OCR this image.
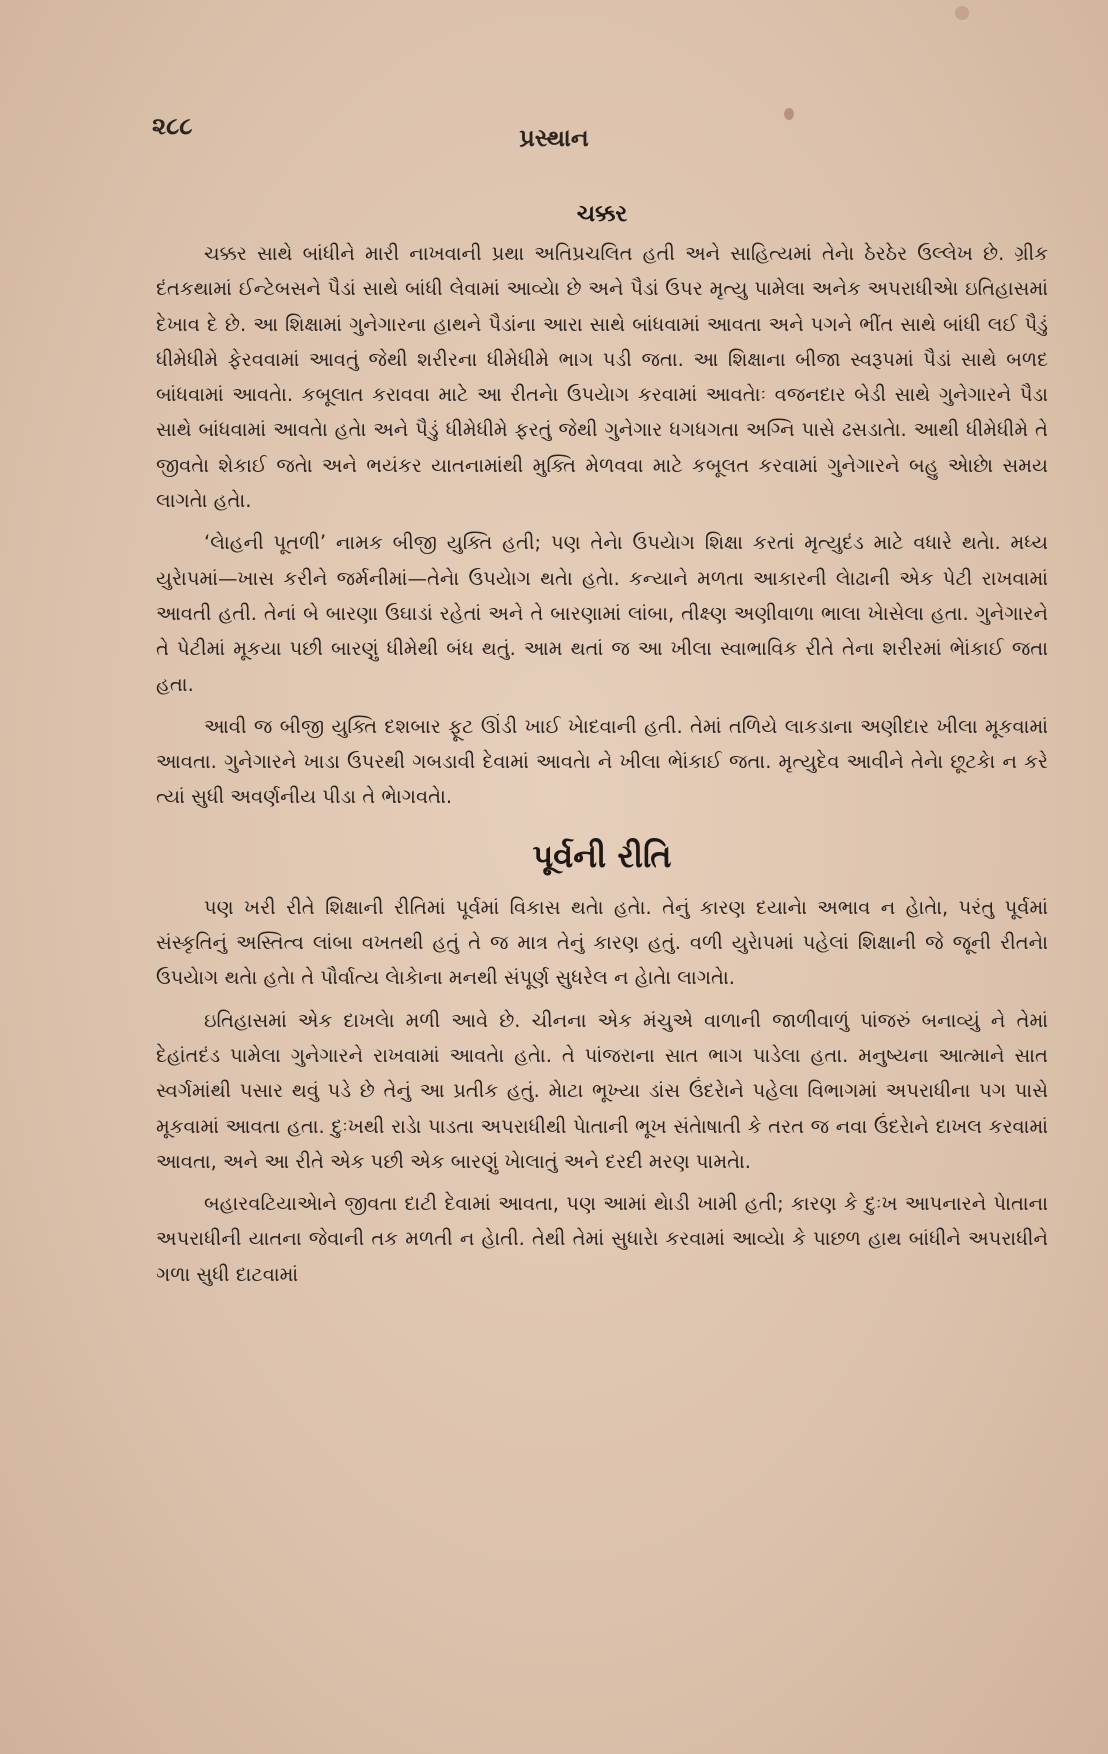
૨૮૮	પ્રસ્થાન
ચક્કર

ચક્કર સાથે બાંધીને મારી નાખવાની પ્રથા અતિપ્રચલિત હતી અને સાહિત્યમાં તેનેા ઠેરઠેર ઉલ્લેખ છે. ગ્રીક દંતકથામાં ઈન્ટેબસને પૈડાં સાથે બાંધી લેવામાં આવ્યેા છે અને પૈડાં ઉપર મૃત્યુ પામેલા અનેક અપરાધીએા ઇતિહાસમાં દેખાવ દે છે. આ શિક્ષામાં ગુનેગારના હાથને પૈડાંના આરા સાથે બાંધવામાં આવતા અને પગને ભીંત સાથે બાંધી લઈ પૈડું ધીમેધીમે ફેરવવામાં આવતું જેથી શરીરના ધીમેધીમે ભાગ પડી જતા. આ શિક્ષાના બીજા સ્વરૂપમાં પૈડાં સાથે બળદ બાંધવામાં આવતેા. કબૂલાત કરાવવા માટે આ રીતનેા ઉપયેાગ કરવામાં આવતેાઃ વજનદાર બેડી સાથે ગુનેગારને પૈડા સાથે બાંધવામાં આવતેા હતેા અને પૈડું ધીમેધીમે ફરતું જેથી ગુનેગાર ધગધગતા અગ્નિ પાસે ઢસડાતેા. આથી ધીમેધીમે તે જીવતેા શેકાઈ જતેા અને ભયંકર યાતનામાંથી મુક્તિ મેળવવા માટે કબૂલત કરવામાં ગુનેગારને બહુ એાછેા સમય લાગતેા હતેા.

‘લેાહની પૂતળી’ નામક બીજી યુક્તિ હતી; પણ તેનેા ઉપયેાગ શિક્ષા કરતાં મૃત્યુદંડ માટે વધારે થતેા. મધ્ય યુરેાપમાં—ખાસ કરીને જર્મનીમાં—તેનેા ઉપયેાગ થતેા હતેા. કન્યાને મળતા આકારની લેાઢાની એક પેટી રાખવામાં આવતી હતી. તેનાં બે બારણા ઉઘાડાં રહેતાં અને તે બારણામાં લાંબા, તીક્ષ્ણ અણીવાળા ભાલા ખેાસેલા હતા. ગુનેગારને તે પેટીમાં મૂકયા પછી બારણું ધીમેથી બંધ થતું. આમ થતાં જ આ ખીલા સ્વાભાવિક રીતે તેના શરીરમાં ભેાંકાઈ જતા હતા.

આવી જ બીજી યુક્તિ દશબાર ફૂટ ઊંડી ખાઈ ખેાદવાની હતી. તેમાં તળિયે લાકડાના અણીદાર ખીલા મૂકવામાં આવતા. ગુનેગારને ખાડા ઉપરથી ગબડાવી દેવામાં આવતેા ને ખીલા ભેાંકાઈ જતા. મૃત્યુદેવ આવીને તેનેા છૂટકેા ન કરે ત્યાં સુધી અવર્ણનીય પીડા તે ભેાગવતેા.

પૂર્વની રીતિ

પણ ખરી રીતે શિક્ષાની રીતિમાં પૂર્વમાં વિકાસ થતેા હતેા. તેનું કારણ દયાનેા અભાવ ન હેાતેા, પરંતુ પૂર્વમાં સંસ્કૃતિનું અસ્તિત્વ લાંબા વખતથી હતું તે જ માત્ર તેનું કારણ હતું. વળી યુરેાપમાં પહેલાં શિક્ષાની જે જૂની રીતનેા ઉપયેાગ થતેા હતેા તે પૌર્વાત્ય લેાકેાના મનથી સંપૂર્ણ સુધરેલ ન હેાતેા લાગતેા.

ઇતિહાસમાં એક દાખલેા મળી આવે છે. ચીનના એક મંચુએ વાળાની જાળીવાળું પાંજરું બનાવ્યું ને તેમાં દેહાંતદંડ પામેલા ગુનેગારને રાખવામાં આવતેા હતેા. તે પાંજરાના સાત ભાગ પાડેલા હતા. મનુષ્યના આત્માને સાત સ્વર્ગમાંથી પસાર થવું પડે છે તેનું આ પ્રતીક હતું. મેાટા ભૂખ્યા ડાંસ ઉંદરેાને પહેલા વિભાગમાં અપરાધીના પગ પાસે મૂકવામાં આવતા હતા. દુઃખથી રાડેા પાડતા અપરાધીથી પેાતાની ભૂખ સંતેાષાતી કે તરત જ નવા ઉંદરેાને દાખલ કરવામાં આવતા, અને આ રીતે એક પછી એક બારણું ખેાલાતું અને દરદી મરણ પામતેા.

બહારવટિયાએાને જીવતા દાટી દેવામાં આવતા, પણ આમાં થેાડી ખામી હતી; કારણ કે દુઃખ આપનારને પેાતાના અપરાધીની યાતના જેવાની તક મળતી ન હેાતી. તેથી તેમાં સુધારેા કરવામાં આવ્યેા કે પાછળ હાથ બાંધીને અપરાધીને ગળા સુધી દાટવામાં
